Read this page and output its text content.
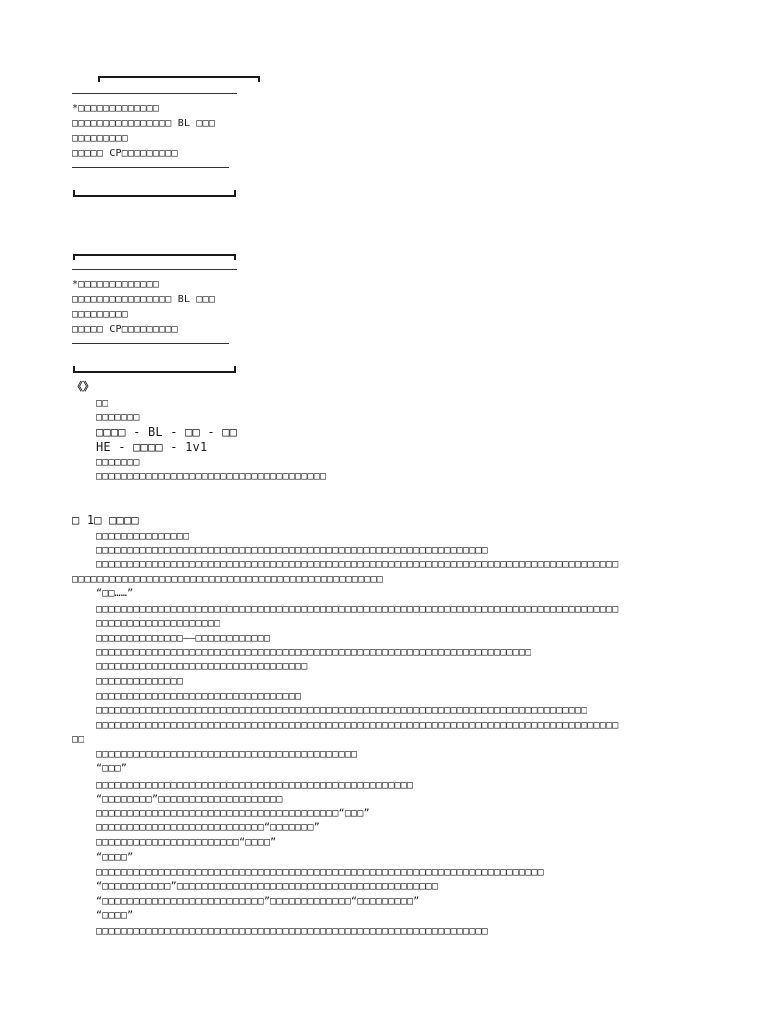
*□□□□□□□□□□□□□
□□□□□□□□□□□□□□□□ BL □□□
□□□□□□□□□
□□□□□ CP□□□□□□□□□
*□□□□□□□□□□□□□
□□□□□□□□□□□□□□□□ BL □□□
□□□□□□□□□
□□□□□ CP□□□□□□□□□
《》
□□
□□□□□□□
□□□□ - BL - □□ - □□
HE - □□□□ - 1v1
□□□□□□□
□□□□□□□□□□□□□□□□□□□□□□□□□□□□□□□□□□□□□
□ 1□ □□□□
□□□□□□□□□□□□□□□
□□□□□□□□□□□□□□□□□□□□□□□□□□□□□□□□□□□□□□□□□□□□□□□□□□□□□□□□□□□□□□□
□□□□□□□□□□□□□□□□□□□□□□□□□□□□□□□□□□□□□□□□□□□□□□□□□□□□□□□□□□□□□□□□□□□□□□□□□□□□□□□□□□□□
□□□□□□□□□□□□□□□□□□□□□□□□□□□□□□□□□□□□□□□□□□□□□□□□□□
“□□……”
□□□□□□□□□□□□□□□□□□□□□□□□□□□□□□□□□□□□□□□□□□□□□□□□□□□□□□□□□□□□□□□□□□□□□□□□□□□□□□□□□□□□
□□□□□□□□□□□□□□□□□□□□
□□□□□□□□□□□□□□——□□□□□□□□□□□□
□□□□□□□□□□□□□□□□□□□□□□□□□□□□□□□□□□□□□□□□□□□□□□□□□□□□□□□□□□□□□□□□□□□□□□
□□□□□□□□□□□□□□□□□□□□□□□□□□□□□□□□□□
□□□□□□□□□□□□□□
□□□□□□□□□□□□□□□□□□□□□□□□□□□□□□□□□
□□□□□□□□□□□□□□□□□□□□□□□□□□□□□□□□□□□□□□□□□□□□□□□□□□□□□□□□□□□□□□□□□□□□□□□□□□□□□□□
□□□□□□□□□□□□□□□□□□□□□□□□□□□□□□□□□□□□□□□□□□□□□□□□□□□□□□□□□□□□□□□□□□□□□□□□□□□□□□□□□□□□
□□
□□□□□□□□□□□□□□□□□□□□□□□□□□□□□□□□□□□□□□□□□□
“□□□”
□□□□□□□□□□□□□□□□□□□□□□□□□□□□□□□□□□□□□□□□□□□□□□□□□□□
“□□□□□□□□”□□□□□□□□□□□□□□□□□□□□
□□□□□□□□□□□□□□□□□□□□□□□□□□□□□□□□□□□□□□□“□□□”
□□□□□□□□□□□□□□□□□□□□□□□□□□□“□□□□□□□”
□□□□□□□□□□□□□□□□□□□□□□□“□□□□”
“□□□□”
□□□□□□□□□□□□□□□□□□□□□□□□□□□□□□□□□□□□□□□□□□□□□□□□□□□□□□□□□□□□□□□□□□□□□□□□
“□□□□□□□□□□□”□□□□□□□□□□□□□□□□□□□□□□□□□□□□□□□□□□□□□□□□□□
“□□□□□□□□□□□□□□□□□□□□□□□□□□”□□□□□□□□□□□□□“□□□□□□□□□”
“□□□□”
□□□□□□□□□□□□□□□□□□□□□□□□□□□□□□□□□□□□□□□□□□□□□□□□□□□□□□□□□□□□□□□
